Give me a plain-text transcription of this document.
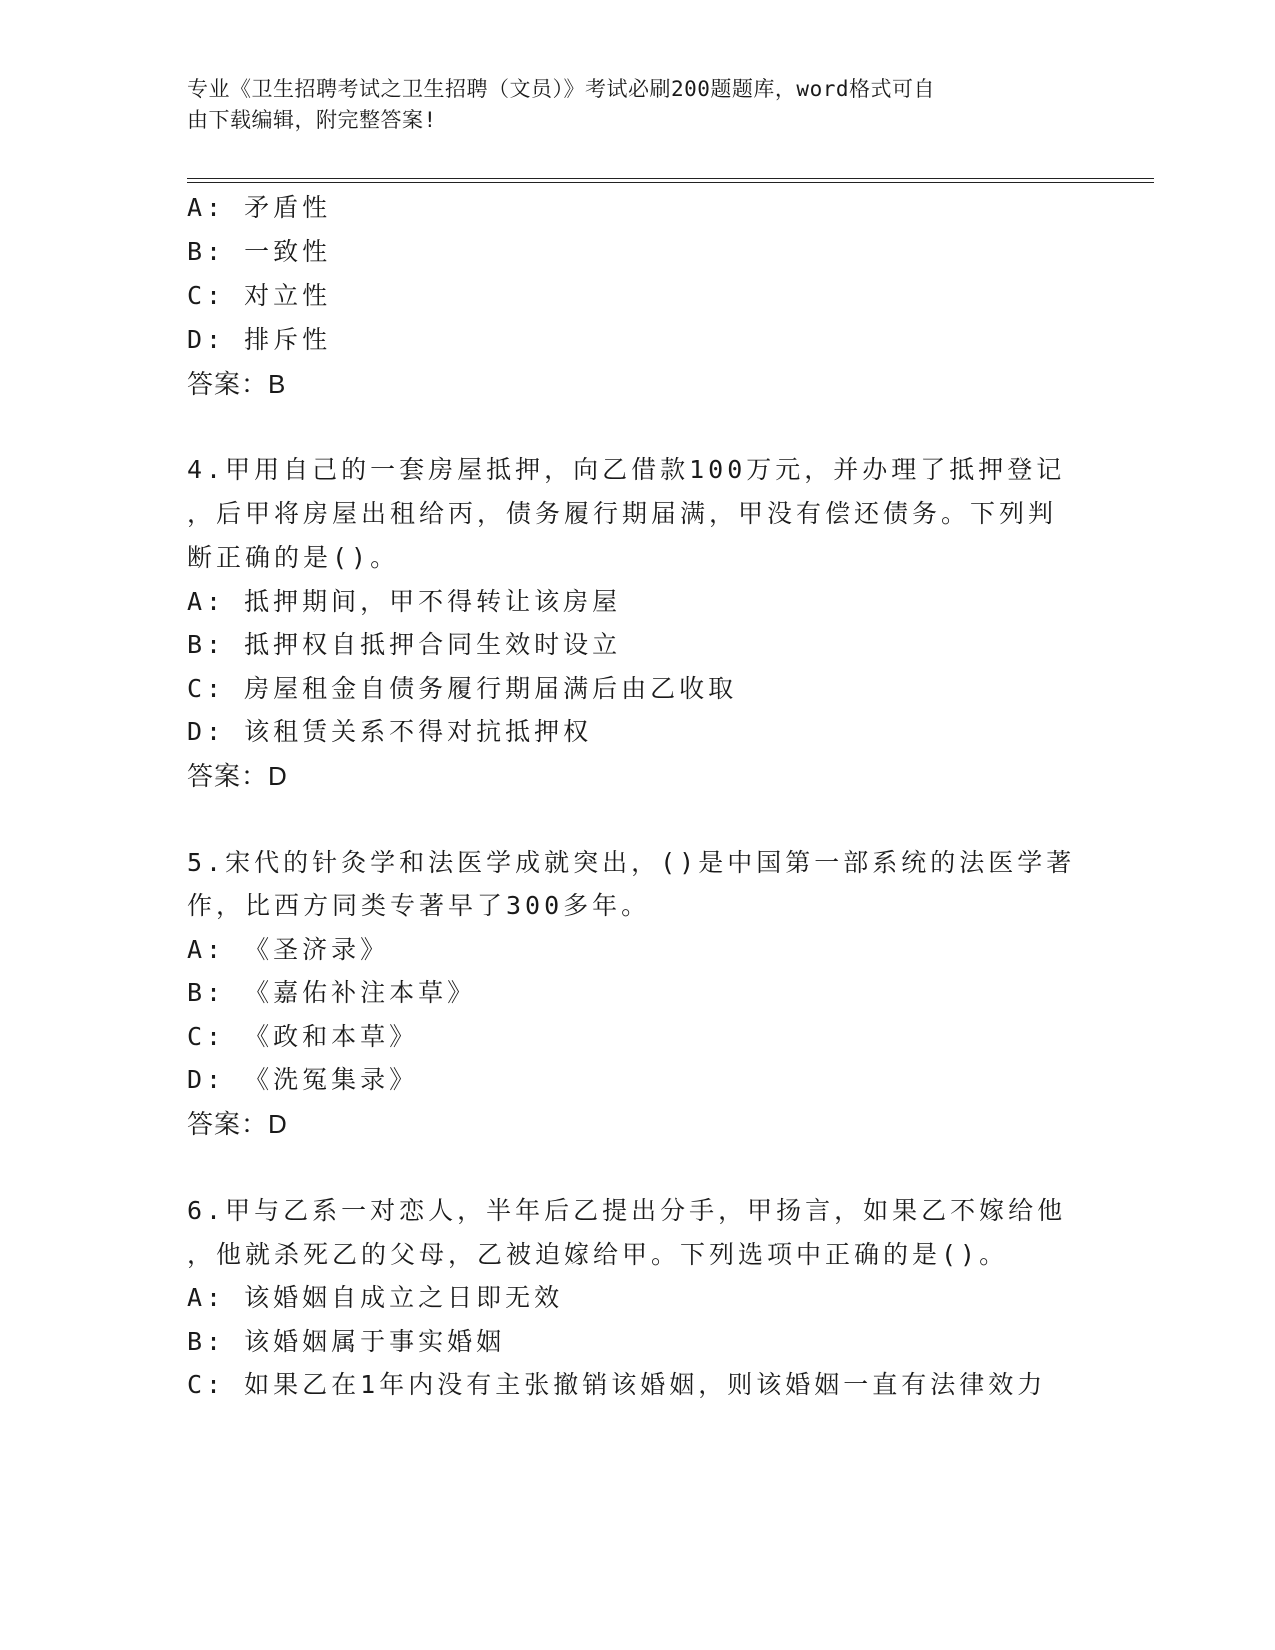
专业《卫生招聘考试之卫生招聘（文员）》考试必刷200题题库，word格式可自
由下载编辑，附完整答案!
A: 矛盾性
B: 一致性
C: 对立性
D: 排斥性
答案：B
4.甲用自己的一套房屋抵押，向乙借款100万元，并办理了抵押登记
，后甲将房屋出租给丙，债务履行期届满，甲没有偿还债务。下列判
断正确的是()。
A: 抵押期间，甲不得转让该房屋
B: 抵押权自抵押合同生效时设立
C: 房屋租金自债务履行期届满后由乙收取
D: 该租赁关系不得对抗抵押权
答案：D
5.宋代的针灸学和法医学成就突出，()是中国第一部系统的法医学著
作，比西方同类专著早了300多年。
A: 《圣济录》
B: 《嘉佑补注本草》
C: 《政和本草》
D: 《洗冤集录》
答案：D
6.甲与乙系一对恋人，半年后乙提出分手，甲扬言，如果乙不嫁给他
，他就杀死乙的父母，乙被迫嫁给甲。下列选项中正确的是()。
A: 该婚姻自成立之日即无效
B: 该婚姻属于事实婚姻
C: 如果乙在1年内没有主张撤销该婚姻，则该婚姻一直有法律效力
